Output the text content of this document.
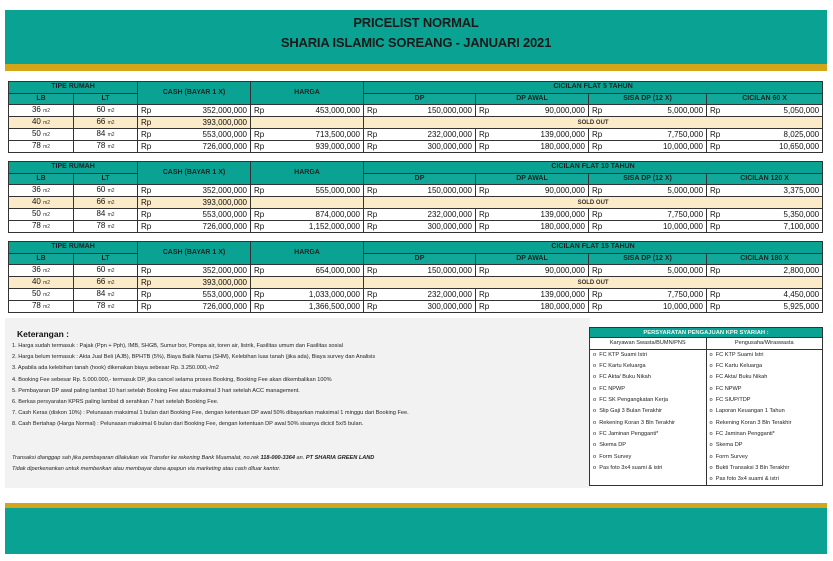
PRICELIST NORMAL
SHARIA ISLAMIC SOREANG - JANUARI 2021
TIPE RUMAH		CASH (BAYAR 1 X)		HARGA		CICILAN FLAT 5 TAHUN							
LB	LT					DP		DP AWAL		SISA DP (12 X)		CICILAN 60 X	
36 m2	60 m2	Rp	352,000,000	Rp	453,000,000	Rp	150,000,000	Rp	90,000,000	Rp	5,000,000	Rp	5,050,000
40 m2	66 m2	Rp	393,000,000			SOLD OUT							
50 m2	84 m2	Rp	553,000,000	Rp	713,500,000	Rp	232,000,000	Rp	139,000,000	Rp	7,750,000	Rp	8,025,000
78 m2	78 m2	Rp	726,000,000	Rp	939,000,000	Rp	300,000,000	Rp	180,000,000	Rp	10,000,000	Rp	10,650,000
TIPE RUMAH		CASH (BAYAR 1 X)		HARGA		CICILAN FLAT 10 TAHUN							
LB	LT					DP		DP AWAL		SISA DP (12 X)		CICILAN 120 X	
36 m2	60 m2	Rp	352,000,000	Rp	555,000,000	Rp	150,000,000	Rp	90,000,000	Rp	5,000,000	Rp	3,375,000
40 m2	66 m2	Rp	393,000,000			SOLD OUT							
50 m2	84 m2	Rp	553,000,000	Rp	874,000,000	Rp	232,000,000	Rp	139,000,000	Rp	7,750,000	Rp	5,350,000
78 m2	78 m2	Rp	726,000,000	Rp	1,152,000,000	Rp	300,000,000	Rp	180,000,000	Rp	10,000,000	Rp	7,100,000
TIPE RUMAH		CASH (BAYAR 1 X)		HARGA		CICILAN FLAT 15 TAHUN							
LB	LT					DP		DP AWAL		SISA DP (12 X)		CICILAN 180 X	
36 m2	60 m2	Rp	352,000,000	Rp	654,000,000	Rp	150,000,000	Rp	90,000,000	Rp	5,000,000	Rp	2,800,000
40 m2	66 m2	Rp	393,000,000			SOLD OUT							
50 m2	84 m2	Rp	553,000,000	Rp	1,033,000,000	Rp	232,000,000	Rp	139,000,000	Rp	7,750,000	Rp	4,450,000
78 m2	78 m2	Rp	726,000,000	Rp	1,366,500,000	Rp	300,000,000	Rp	180,000,000	Rp	10,000,000	Rp	5,925,000
Keterangan :
1. Harga sudah termasuk : Pajak (Ppn + Pph), IMB, SHGB, Sumur bor, Pompa air, toren air, listrik, Fasilitas umum dan Fasilitas sosial
2. Harga belum termasuk : Akta Jual Beli (AJB), BPHTB (5%), Biaya Balik Nama (SHM), Kelebihan luas tanah (jika ada), Biaya survey dan Analisis
3. Apabila ada kelebihan tanah (hook) dikenakan biaya sebesar Rp. 3.250.000,-/m2
4. Booking Fee sebesar Rp. 5.000.000,- termasuk DP, jika cancel selama proses Booking, Booking Fee akan dikembalikan 100%
5. Pembayaran DP awal paling lambat 10 hari setelah Booking Fee atau maksimal 3 hari setelah ACC management.
6. Berkas persyaratan KPRS paling lambat di serahkan 7 hari setelah Booking Fee.
7. Cash Keras (diskon 10%) : Pelunasan maksimal 1 bulan dari Booking Fee, dengan ketentuan DP awal 50% dibayarkan maksimal 1 minggu dari Booking Fee.
8. Cash Bertahap (Harga Normal) : Pelunasan maksimal 6 bulan dari Booking Fee, dengan ketentuan DP awal 50% sisanya dicicil 5x/5 bulan.
Transaksi dianggap sah jika pembayaran dilakukan via Transfer ke rekening Bank Muamalat, no.rek 118-000-3364 an. PT SHARIA GREEN LAND
Tidak diperkenankan untuk memberikan atau membayar dana apapun via marketing atau cash diluar kantor.
PERSYARATAN PENGAJUAN KPR SYARIAH :	
Karyawan Swasta/BUMN/PNS	Pengusaha/Wiraswasta
o FC KTP Suami Istri	o FC KTP Suami Istri
o FC Kartu Keluarga	o FC Kartu Keluarga
o FC Akta/ Buku Nikah	o FC Akta/ Buku Nikah
o FC NPWP	o FC NPWP
o FC SK Pengangkatan Kerja	o FC SIUP/TDP
o Slip Gaji 3 Bulan Terakhir	o Laporan Keuangan 1 Tahun
o Rekening Koran 3 Bln Terakhir	o Rekening Koran 3 Bln Terakhir
o FC Jaminan Pengganti*	o FC Jaminan Pengganti*
o Skema DP	o Skema DP
o Form Survey	o Form Survey
o Pas foto 3x4 suami & istri	o Bukti Transaksi 3 Bln Terakhir
	o Pas foto 3x4 suami & istri
